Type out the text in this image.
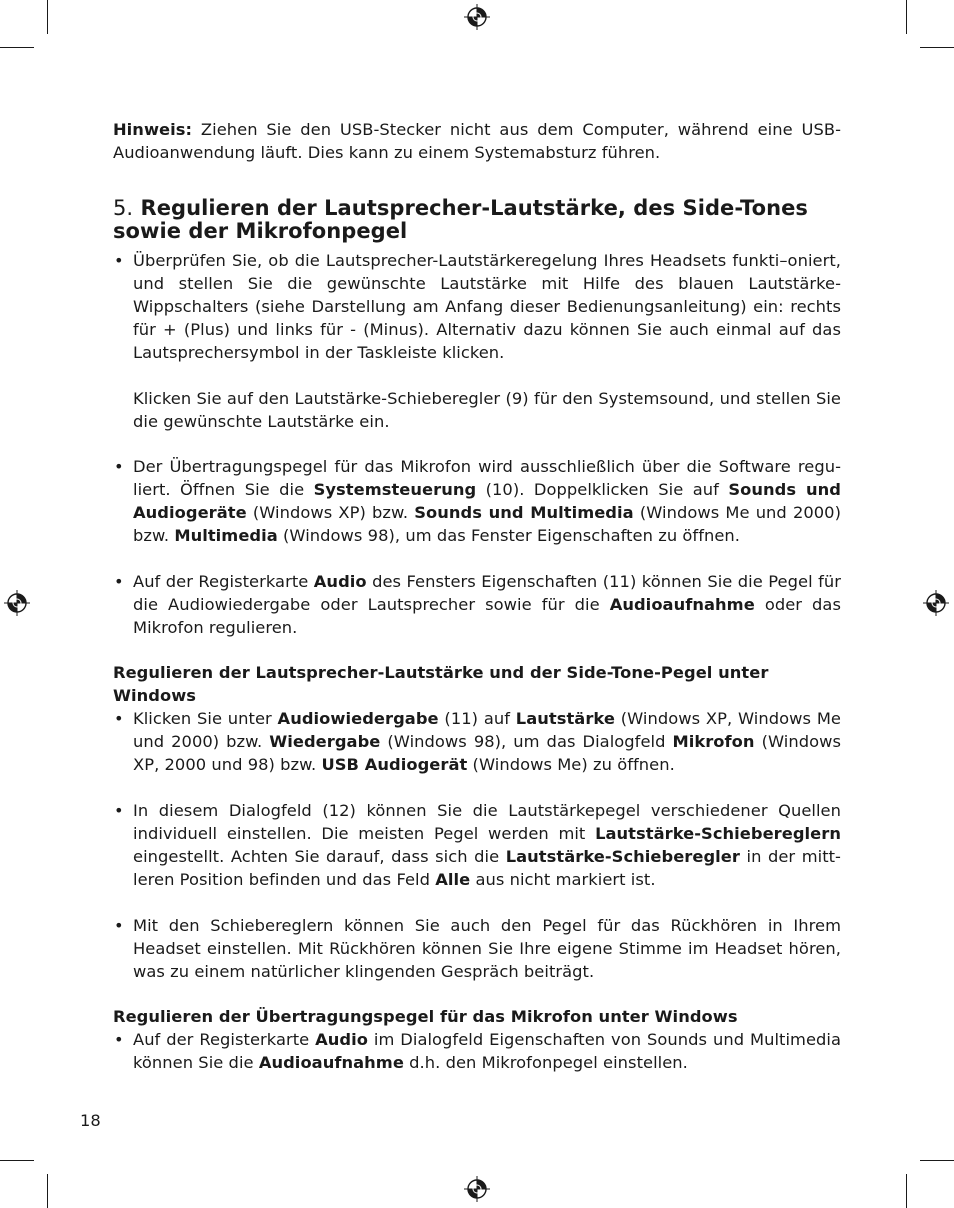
Hinweis: Ziehen Sie den USB-Stecker nicht aus dem Computer, während eine USB-Audioanwendung läuft. Dies kann zu einem Systemabsturz führen.

5. Regulieren der Lautsprecher-Lautstärke, des Side-Tones sowie der Mikrofonpegel
• Überprüfen Sie, ob die Lautsprecher-Lautstärkeregelung Ihres Headsets funkti–oniert, und stellen Sie die gewünschte Lautstärke mit Hilfe des blauen Lautstärke-Wippschalters (siehe Darstellung am Anfang dieser Bedienungsanleitung) ein: rechts für + (Plus) und links für - (Minus). Alternativ dazu können Sie auch einmal auf das Lautsprechersymbol in der Taskleiste klicken.

Klicken Sie auf den Lautstärke-Schieberegler (9) für den Systemsound, und stellen Sie die gewünschte Lautstärke ein.

• Der Übertragungspegel für das Mikrofon wird ausschließlich über die Software regu-liert. Öffnen Sie die Systemsteuerung (10). Doppelklicken Sie auf Sounds und Audiogeräte (Windows XP) bzw. Sounds und Multimedia (Windows Me und 2000) bzw. Multimedia (Windows 98), um das Fenster Eigenschaften zu öffnen.

• Auf der Registerkarte Audio des Fensters Eigenschaften (11) können Sie die Pegel für die Audiowiedergabe oder Lautsprecher sowie für die Audioaufnahme oder das Mikrofon regulieren.

Regulieren der Lautsprecher-Lautstärke und der Side-Tone-Pegel unter Windows
• Klicken Sie unter Audiowiedergabe (11) auf Lautstärke (Windows XP, Windows Me und 2000) bzw. Wiedergabe (Windows 98), um das Dialogfeld Mikrofon (Windows XP, 2000 und 98) bzw. USB Audiogerät (Windows Me) zu öffnen.

• In diesem Dialogfeld (12) können Sie die Lautstärkepegel verschiedener Quellen individuell einstellen. Die meisten Pegel werden mit Lautstärke-Schiebereglern eingestellt. Achten Sie darauf, dass sich die Lautstärke-Schieberegler in der mitt-leren Position befinden und das Feld Alle aus nicht markiert ist.

• Mit den Schiebereglern können Sie auch den Pegel für das Rückhören in Ihrem Headset einstellen. Mit Rückhören können Sie Ihre eigene Stimme im Headset hören, was zu einem natürlicher klingenden Gespräch beiträgt.

Regulieren der Übertragungspegel für das Mikrofon unter Windows
• Auf der Registerkarte Audio im Dialogfeld Eigenschaften von Sounds und Multimedia können Sie die Audioaufnahme d.h. den Mikrofonpegel einstellen.

18
